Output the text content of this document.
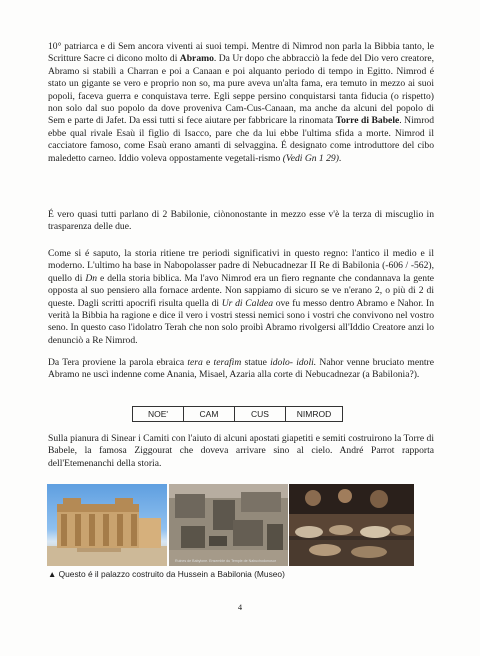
10° patriarca e di Sem ancora viventi ai suoi tempi. Mentre di Nimrod non parla la Bibbia tanto, le Scritture Sacre ci dicono molto di Abramo. Da Ur dopo che abbracciò la fede del Dio vero creatore, Abramo si stabilì a Charran e poi a Canaan e poi alquanto periodo di tempo in Egitto. Nimrod é stato un gigante se vero e proprio non so, ma pure aveva un'alta fama, era temuto in mezzo ai suoi popoli, faceva guerra e conquistava terre. Egli seppe persino conquistarsi tanta fiducia (o rispetto) non solo dal suo popolo da dove proveniva Cam-Cus-Canaan, ma anche da alcuni del popolo di Sem e parte di Jafet. Da essi tutti si fece aiutare per fabbricare la rinomata Torre di Babele. Nimrod ebbe qual rivale Esaù il figlio di Isacco, pare che da lui ebbe l'ultima sfida a morte. Nimrod il cacciatore famoso, come Esaù erano amanti di selvaggina. É designato come introduttore del cibo maledetto carneo. Iddio voleva oppostamente vegetali-rismo (Vedi Gn 1 29).

É vero quasi tutti parlano di 2 Babilonie, ciònonostante in mezzo esse v'è la terza di miscuglio in trasparenza delle due.

Come si é saputo, la storia ritiene tre periodi significativi in questo regno: l'antico il medio e il moderno. L'ultimo ha base in Nabopolasser padre di Nebucadnezar II Re di Babilonia (-606 / -562), quello di Dn e della storia biblica. Ma l'avo Nimrod era un fiero regnante che condannava la gente opposta al suo pensiero alla fornace ardente. Non sappiamo di sicuro se ve n'erano 2, o più di 2 di queste. Dagli scritti apocrifi risulta quella di Ur di Caldea ove fu messo dentro Abramo e Nahor. In verità la Bibbia ha ragione e dice il vero i vostri stessi nemici sono i vostri che convivono nel vostro seno. In questo caso l'idolatro Terah che non solo proibì Abramo rivolgersi all'Iddio Creatore anzi lo denunciò a Re Nimrod.

Da Tera proviene la parola ebraica tera e terafim statue idolo- idoli. Nahor venne bruciato mentre Abramo ne uscì indenne come Anania, Misael, Azaria alla corte di Nebucadnezar (a Babilonia?).

NOE'	CAM	CUS	NIMROD

Sulla pianura di Sinear i Camiti con l'aiuto di alcuni apostati giapetiti e semiti costruirono la Torre di Babele, la famosa Ziggourat che doveva arrivare sino al cielo. André Parrot rapporta dell'Etemenanchi della storia.

Ruines de Babylone. Ensemble du Temple de Nabuchodonosor

▲ Questo é il palazzo costruito da Hussein a Babilonia (Museo)

4
